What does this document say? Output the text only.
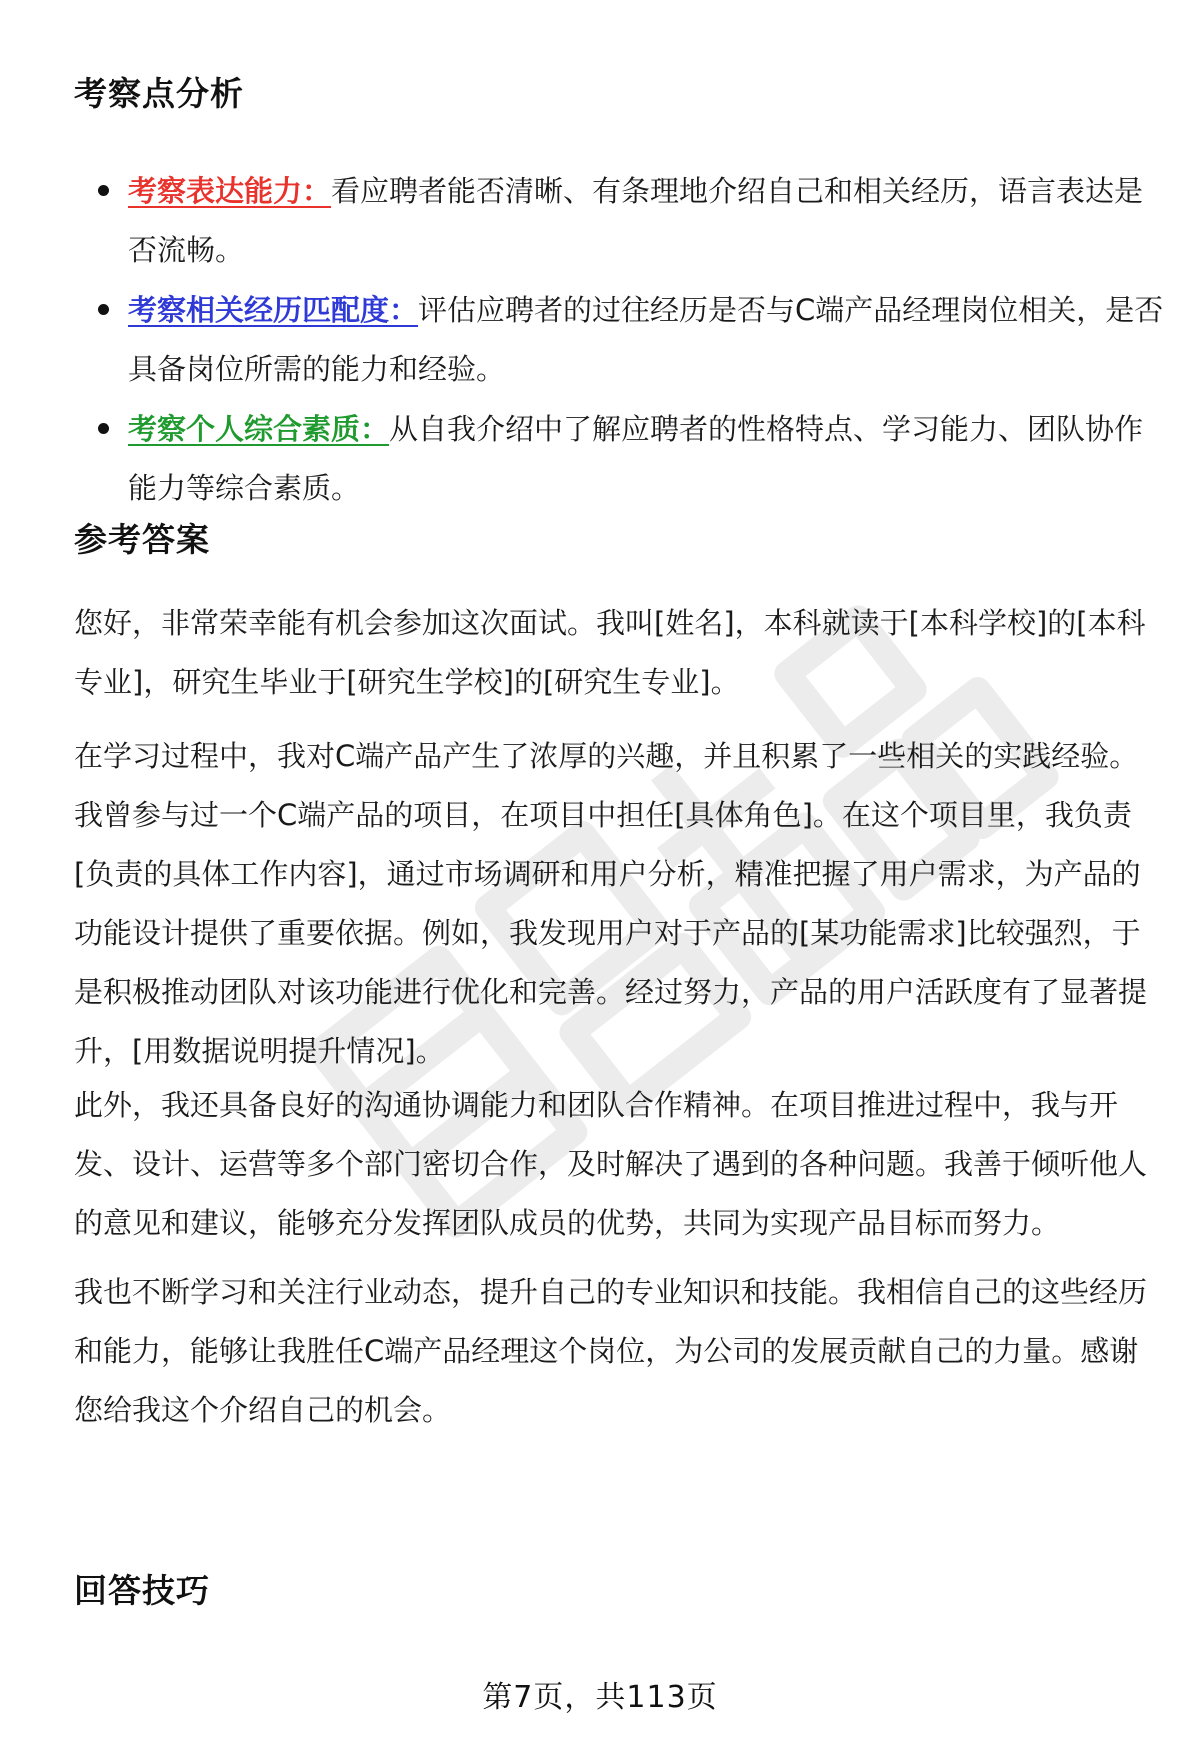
考察点分析
考察表达能力：看应聘者能否清晰、有条理地介绍自己和相关经历，语言表达是否流畅。
考察相关经历匹配度：评估应聘者的过往经历是否与C端产品经理岗位相关，是否具备岗位所需的能力和经验。
考察个人综合素质：从自我介绍中了解应聘者的性格特点、学习能力、团队协作能力等综合素质。
参考答案

您好，非常荣幸能有机会参加这次面试。我叫[姓名]，本科就读于[本科学校]的[本科专业]，研究生毕业于[研究生学校]的[研究生专业]。

在学习过程中，我对C端产品产生了浓厚的兴趣，并且积累了一些相关的实践经验。我曾参与过一个C端产品的项目，在项目中担任[具体角色]。在这个项目里，我负责[负责的具体工作内容]，通过市场调研和用户分析，精准把握了用户需求，为产品的功能设计提供了重要依据。例如，我发现用户对于产品的[某功能需求]比较强烈，于是积极推动团队对该功能进行优化和完善。经过努力，产品的用户活跃度有了显著提升，[用数据说明提升情况]。

此外，我还具备良好的沟通协调能力和团队合作精神。在项目推进过程中，我与开发、设计、运营等多个部门密切合作，及时解决了遇到的各种问题。我善于倾听他人的意见和建议，能够充分发挥团队成员的优势，共同为实现产品目标而努力。

我也不断学习和关注行业动态，提升自己的专业知识和技能。我相信自己的这些经历和能力，能够让我胜任C端产品经理这个岗位，为公司的发展贡献自己的力量。感谢您给我这个介绍自己的机会。

回答技巧
第7页，共113页
